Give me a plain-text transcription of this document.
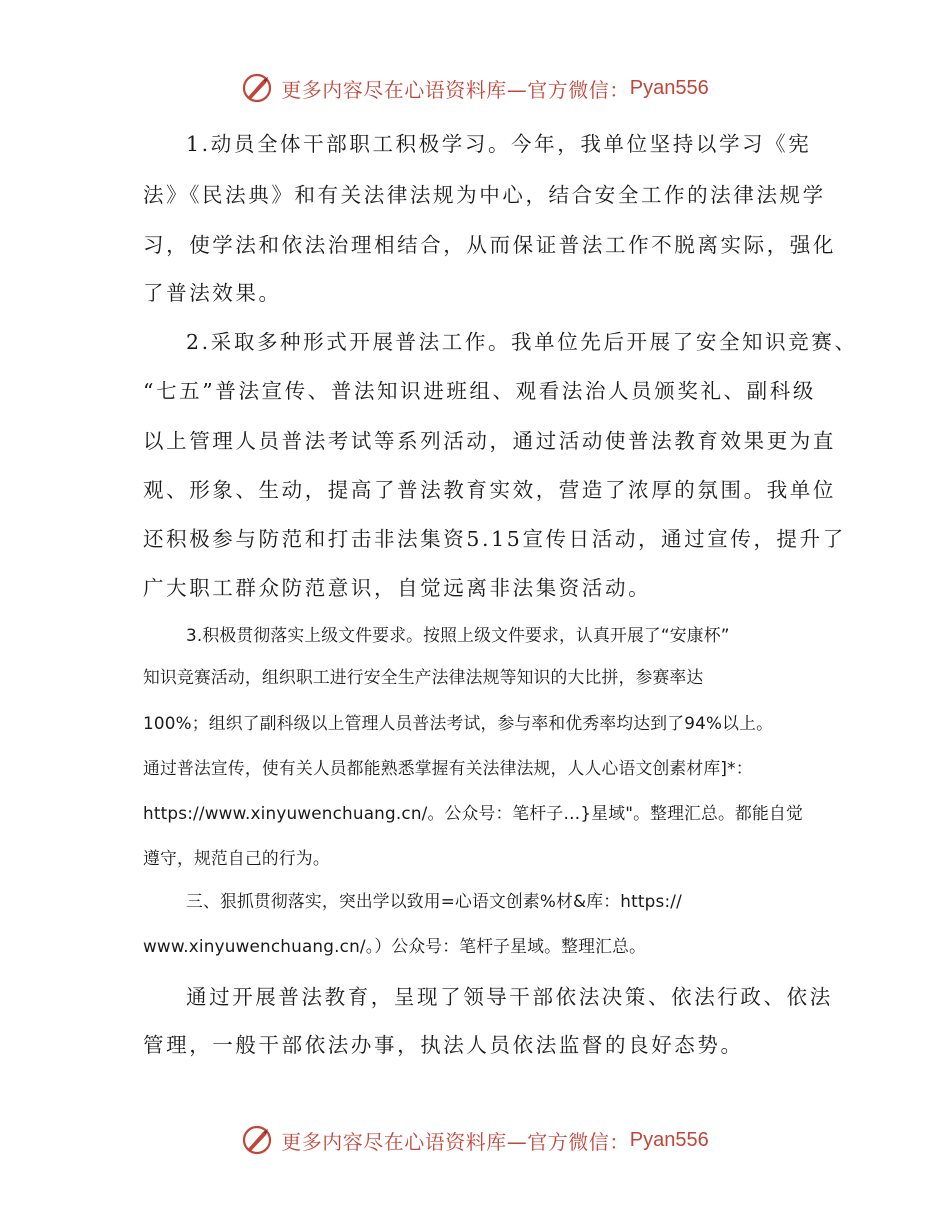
更多内容尽在心语资料库—官方微信： Pyan556
1.动员全体干部职工积极学习。今年，我单位坚持以学习《宪
法》《民法典》和有关法律法规为中心，结合安全工作的法律法规学
习，使学法和依法治理相结合，从而保证普法工作不脱离实际，强化
了普法效果。
2.采取多种形式开展普法工作。我单位先后开展了安全知识竞赛、
“七五”普法宣传、普法知识进班组、观看法治人员颁奖礼、副科级
以上管理人员普法考试等系列活动，通过活动使普法教育效果更为直
观、形象、生动，提高了普法教育实效，营造了浓厚的氛围。我单位
还积极参与防范和打击非法集资5.15宣传日活动，通过宣传，提升了
广大职工群众防范意识，自觉远离非法集资活动。
3.积极贯彻落实上级文件要求。按照上级文件要求，认真开展了“安康杯”
知识竞赛活动，组织职工进行安全生产法律法规等知识的大比拼，参赛率达
100%；组织了副科级以上管理人员普法考试，参与率和优秀率均达到了94%以上。
通过普法宣传，使有关人员都能熟悉掌握有关法律法规，人人心语文创素材库]*：
https://www.xinyuwenchuang.cn/。公众号：笔杆子…}星域"。整理汇总。都能自觉
遵守，规范自己的行为。
三、狠抓贯彻落实，突出学以致用=心语文创素%材&库：https://
www.xinyuwenchuang.cn/。）公众号：笔杆子星域。整理汇总。
通过开展普法教育，呈现了领导干部依法决策、依法行政、依法
管理，一般干部依法办事，执法人员依法监督的良好态势。
更多内容尽在心语资料库—官方微信： Pyan556
